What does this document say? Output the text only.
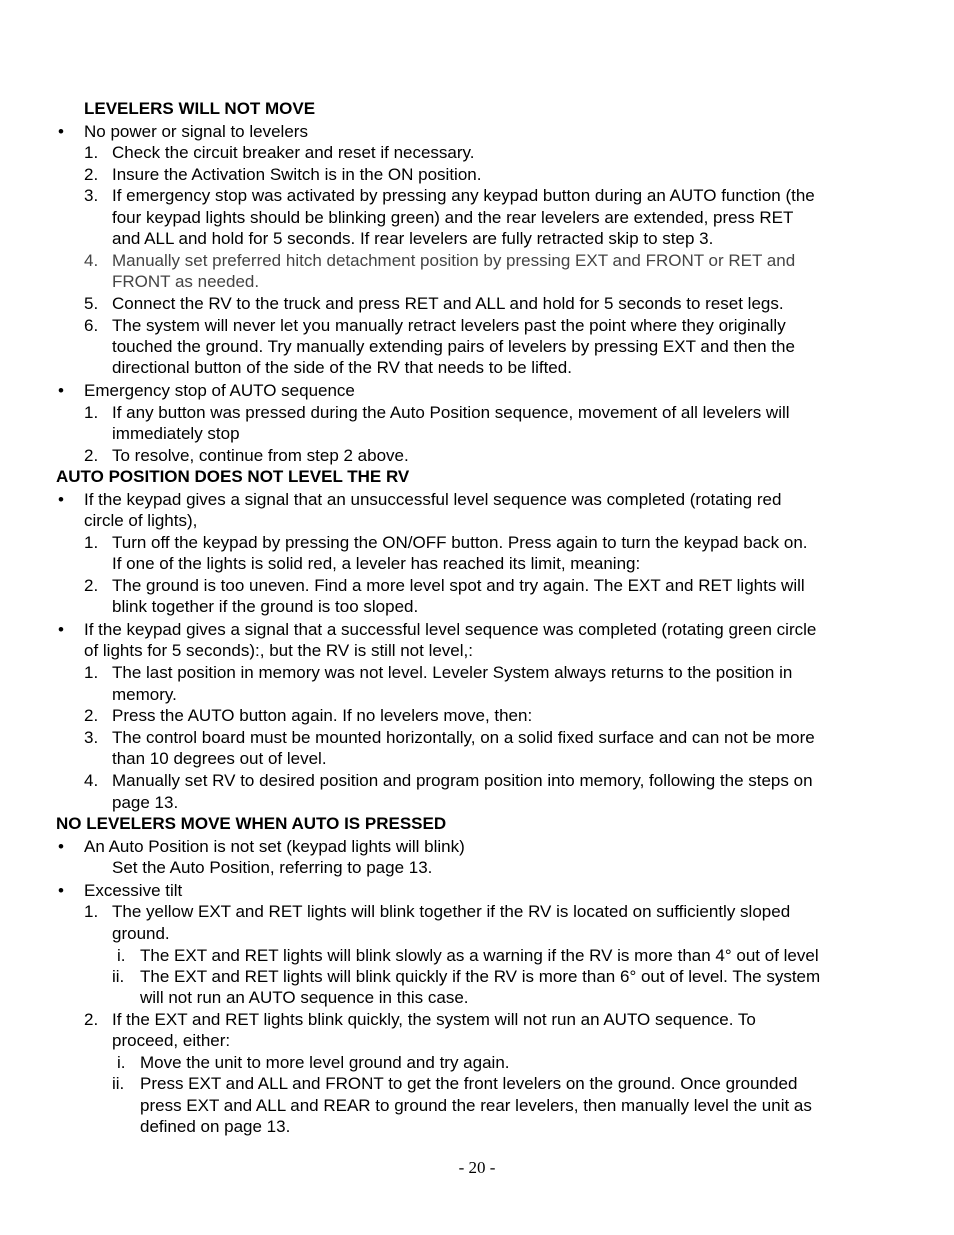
LEVELERS WILL NOT MOVE
• No power or signal to levelers
1. Check the circuit breaker and reset if necessary.
2. Insure the Activation Switch is in the ON position.
3. If emergency stop was activated by pressing any keypad button during an AUTO function (the
four keypad lights should be blinking green) and the rear levelers are extended, press RET
and ALL and hold for 5 seconds. If rear levelers are fully retracted skip to step 3.
4. Manually set preferred hitch detachment position by pressing EXT and FRONT or RET and
FRONT as needed.
5. Connect the RV to the truck and press RET and ALL and hold for 5 seconds to reset legs.
6. The system will never let you manually retract levelers past the point where they originally
touched the ground. Try manually extending pairs of levelers by pressing EXT and then the
directional button of the side of the RV that needs to be lifted.
• Emergency stop of AUTO sequence
1. If any button was pressed during the Auto Position sequence, movement of all levelers will
immediately stop
2. To resolve, continue from step 2 above.
AUTO POSITION DOES NOT LEVEL THE RV
• If the keypad gives a signal that an unsuccessful level sequence was completed (rotating red
circle of lights),
1. Turn off the keypad by pressing the ON/OFF button. Press again to turn the keypad back on.
If one of the lights is solid red, a leveler has reached its limit, meaning:
2. The ground is too uneven. Find a more level spot and try again. The EXT and RET lights will
blink together if the ground is too sloped.
• If the keypad gives a signal that a successful level sequence was completed (rotating green circle
of lights for 5 seconds):, but the RV is still not level,:
1. The last position in memory was not level. Leveler System always returns to the position in
memory.
2. Press the AUTO button again. If no levelers move, then:
3. The control board must be mounted horizontally, on a solid fixed surface and can not be more
than 10 degrees out of level.
4. Manually set RV to desired position and program position into memory, following the steps on
page 13.
NO LEVELERS MOVE WHEN AUTO IS PRESSED
• An Auto Position is not set (keypad lights will blink)
Set the Auto Position, referring to page 13.
• Excessive tilt
1. The yellow EXT and RET lights will blink together if the RV is located on sufficiently sloped
ground.
i. The EXT and RET lights will blink slowly as a warning if the RV is more than 4° out of level
ii. The EXT and RET lights will blink quickly if the RV is more than 6° out of level. The system
will not run an AUTO sequence in this case.
2. If the EXT and RET lights blink quickly, the system will not run an AUTO sequence. To
proceed, either:
i. Move the unit to more level ground and try again.
ii. Press EXT and ALL and FRONT to get the front levelers on the ground. Once grounded
press EXT and ALL and REAR to ground the rear levelers, then manually level the unit as
defined on page 13.
- 20 -
